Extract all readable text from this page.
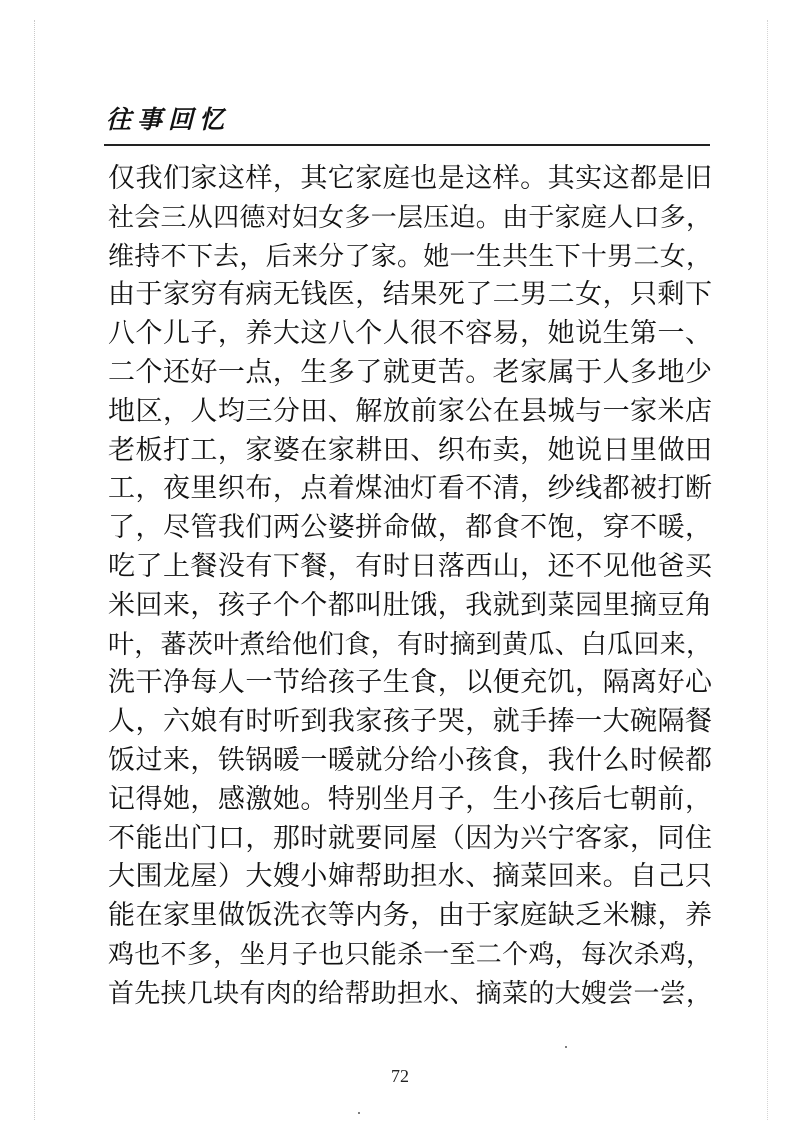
往事回忆
仅我们家这样，其它家庭也是这样。其实这都是旧
社会三从四德对妇女多一层压迫。由于家庭人口多，
维持不下去，后来分了家。她一生共生下十男二女，
由于家穷有病无钱医，结果死了二男二女，只剩下
八个儿子，养大这八个人很不容易，她说生第一、
二个还好一点，生多了就更苦。老家属于人多地少
地区，人均三分田、解放前家公在县城与一家米店
老板打工，家婆在家耕田、织布卖，她说日里做田
工，夜里织布，点着煤油灯看不清，纱线都被打断
了，尽管我们两公婆拼命做，都食不饱，穿不暖，
吃了上餐没有下餐，有时日落西山，还不见他爸买
米回来，孩子个个都叫肚饿，我就到菜园里摘豆角
叶，蕃茨叶煮给他们食，有时摘到黄瓜、白瓜回来，
洗干净每人一节给孩子生食，以便充饥，隔离好心
人，六娘有时听到我家孩子哭，就手捧一大碗隔餐
饭过来，铁锅暖一暖就分给小孩食，我什么时候都
记得她，感激她。特别坐月子，生小孩后七朝前，
不能出门口，那时就要同屋（因为兴宁客家，同住
大围龙屋）大嫂小婶帮助担水、摘菜回来。自己只
能在家里做饭洗衣等内务，由于家庭缺乏米糠，养
鸡也不多，坐月子也只能杀一至二个鸡，每次杀鸡，
首先挟几块有肉的给帮助担水、摘菜的大嫂尝一尝，
72
